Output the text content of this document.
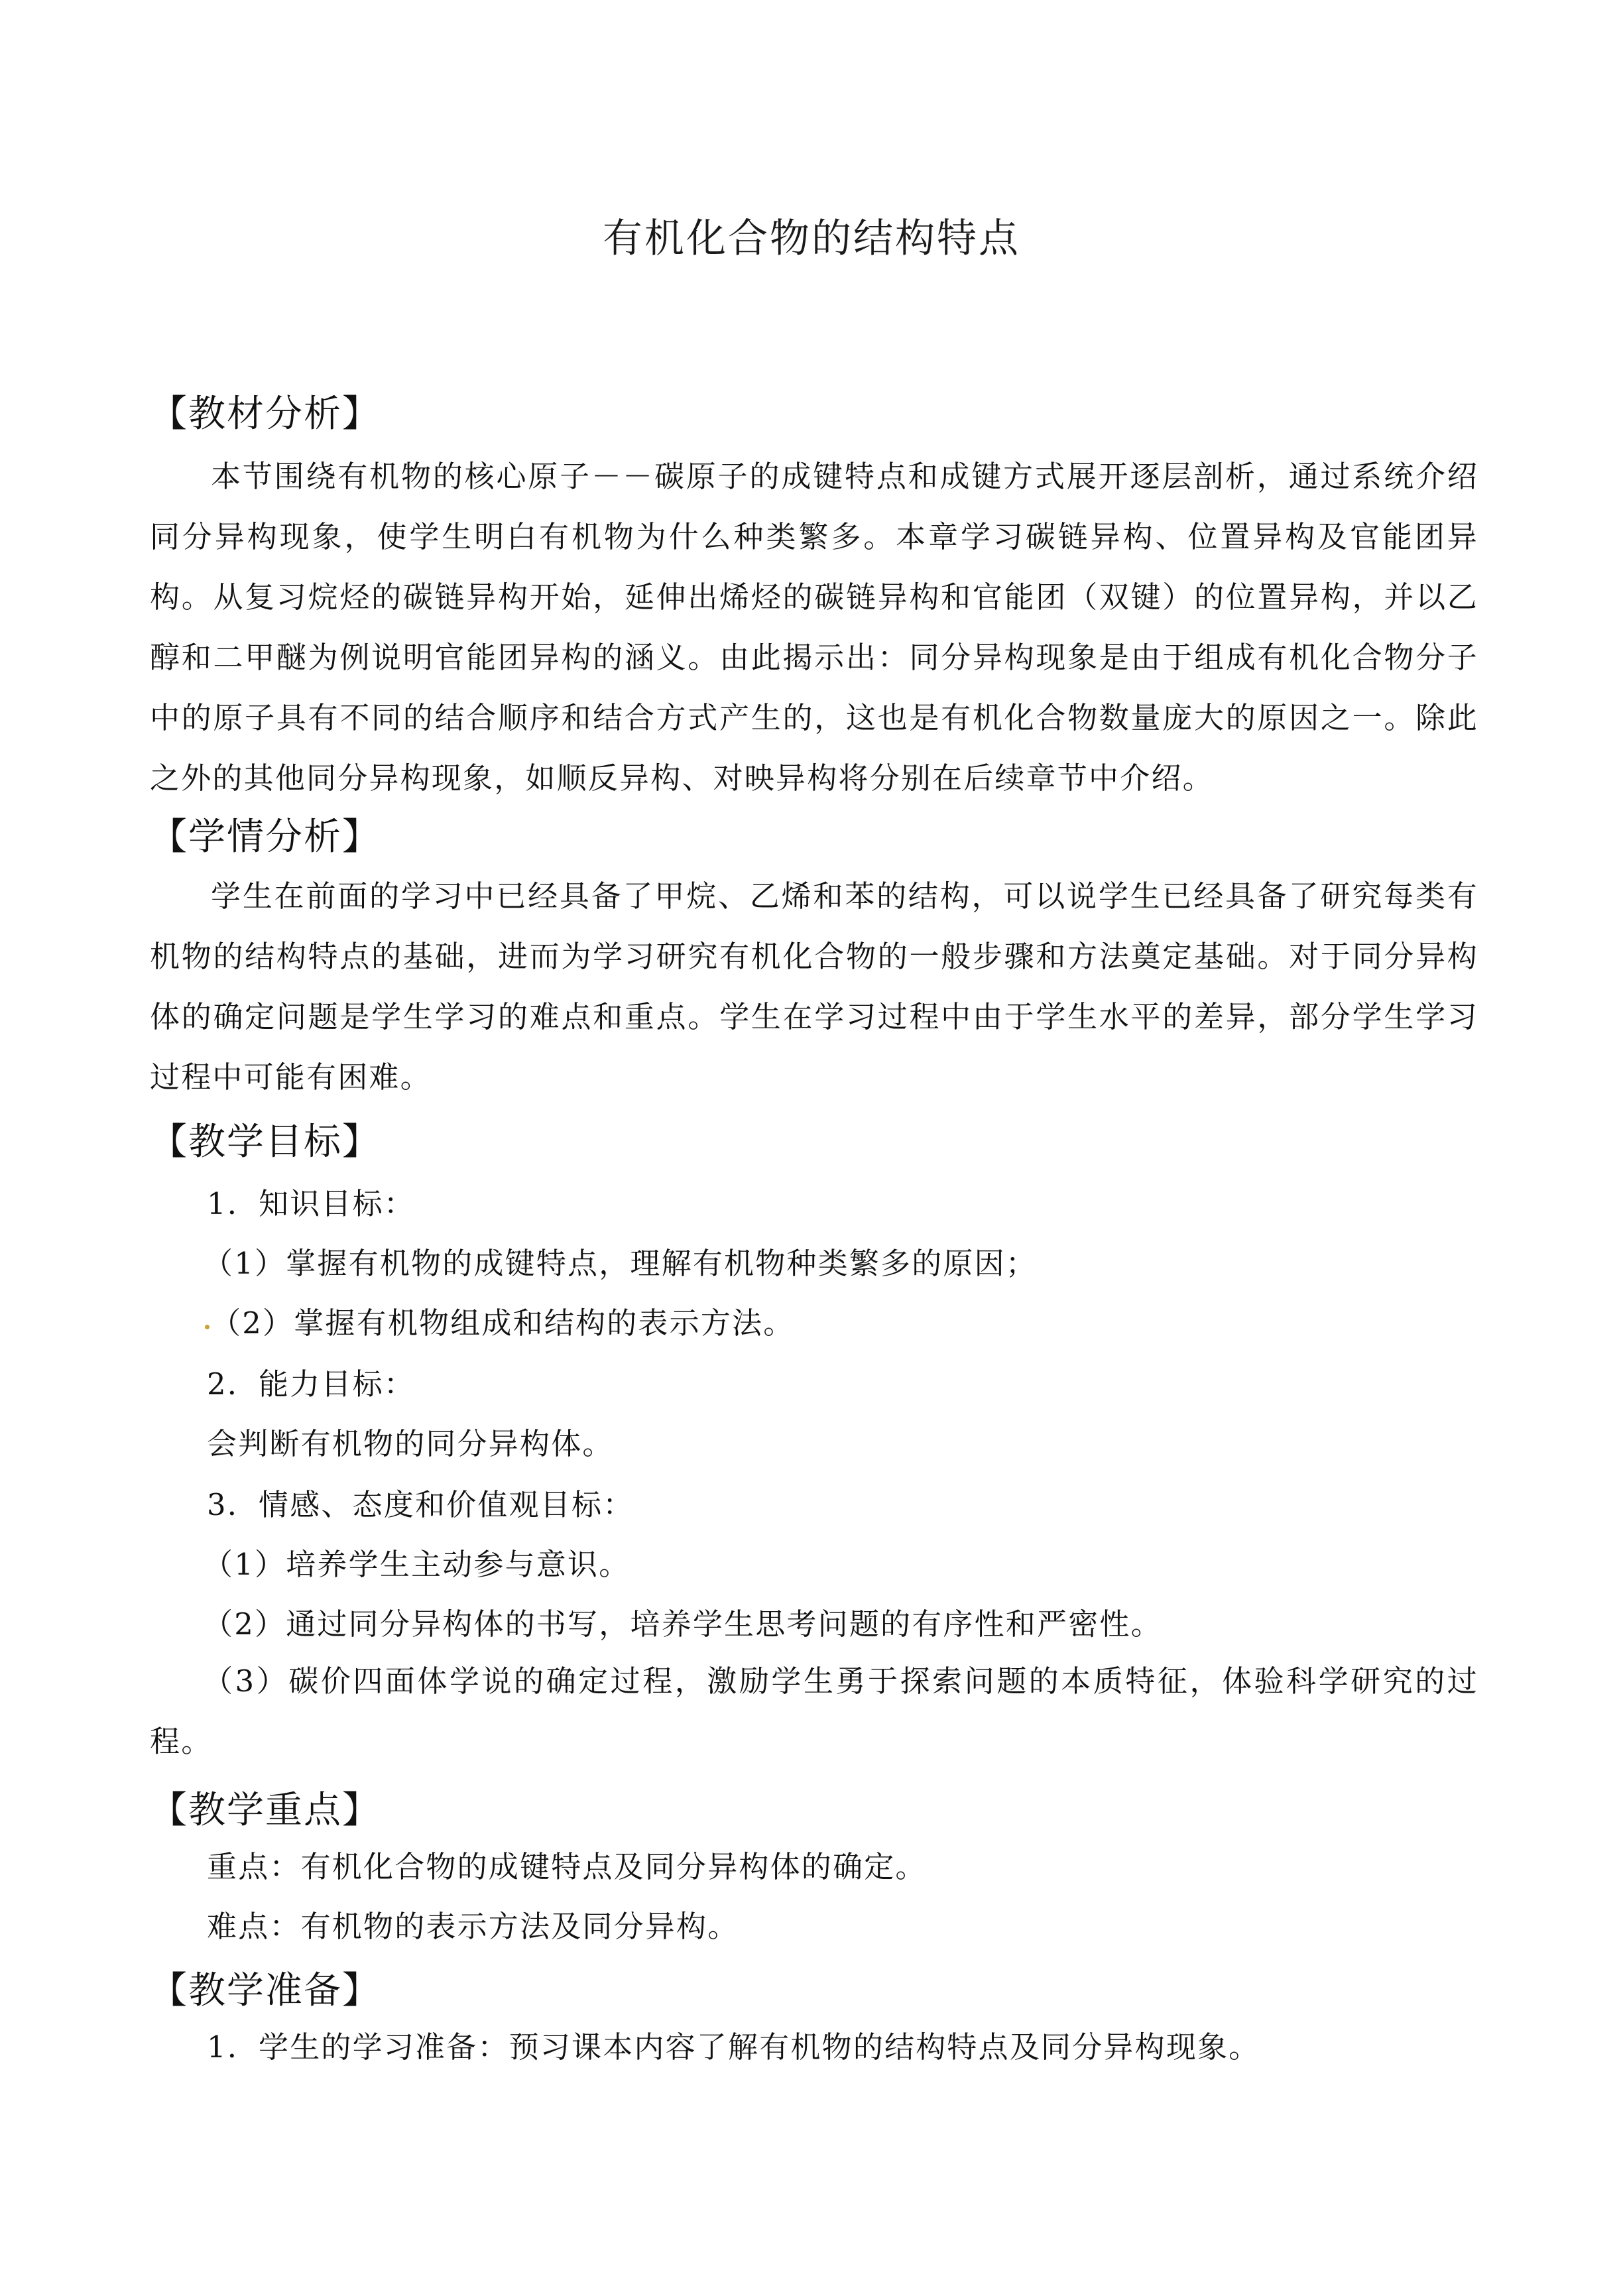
有机化合物的结构特点
【教材分析】

本节围绕有机物的核心原子－－碳原子的成键特点和成键方式展开逐层剖析，通过系统介绍同分异构现象，使学生明白有机物为什么种类繁多。本章学习碳链异构、位置异构及官能团异构。从复习烷烃的碳链异构开始，延伸出烯烃的碳链异构和官能团（双键）的位置异构，并以乙醇和二甲醚为例说明官能团异构的涵义。由此揭示出：同分异构现象是由于组成有机化合物分子中的原子具有不同的结合顺序和结合方式产生的，这也是有机化合物数量庞大的原因之一。除此之外的其他同分异构现象，如顺反异构、对映异构将分别在后续章节中介绍。

【学情分析】

学生在前面的学习中已经具备了甲烷、乙烯和苯的结构，可以说学生已经具备了研究每类有机物的结构特点的基础，进而为学习研究有机化合物的一般步骤和方法奠定基础。对于同分异构体的确定问题是学生学习的难点和重点。学生在学习过程中由于学生水平的差异，部分学生学习过程中可能有困难。

【教学目标】
1．知识目标：
（1）掌握有机物的成键特点，理解有机物种类繁多的原因；
（2）掌握有机物组成和结构的表示方法。
2．能力目标：
会判断有机物的同分异构体。
3．情感、态度和价值观目标：
（1）培养学生主动参与意识。
（2）通过同分异构体的书写，培养学生思考问题的有序性和严密性。

（3）碳价四面体学说的确定过程，激励学生勇于探索问题的本质特征，体验科学研究的过程。

【教学重点】
重点：有机化合物的成键特点及同分异构体的确定。
难点：有机物的表示方法及同分异构。
【教学准备】
1．学生的学习准备：预习课本内容了解有机物的结构特点及同分异构现象。
